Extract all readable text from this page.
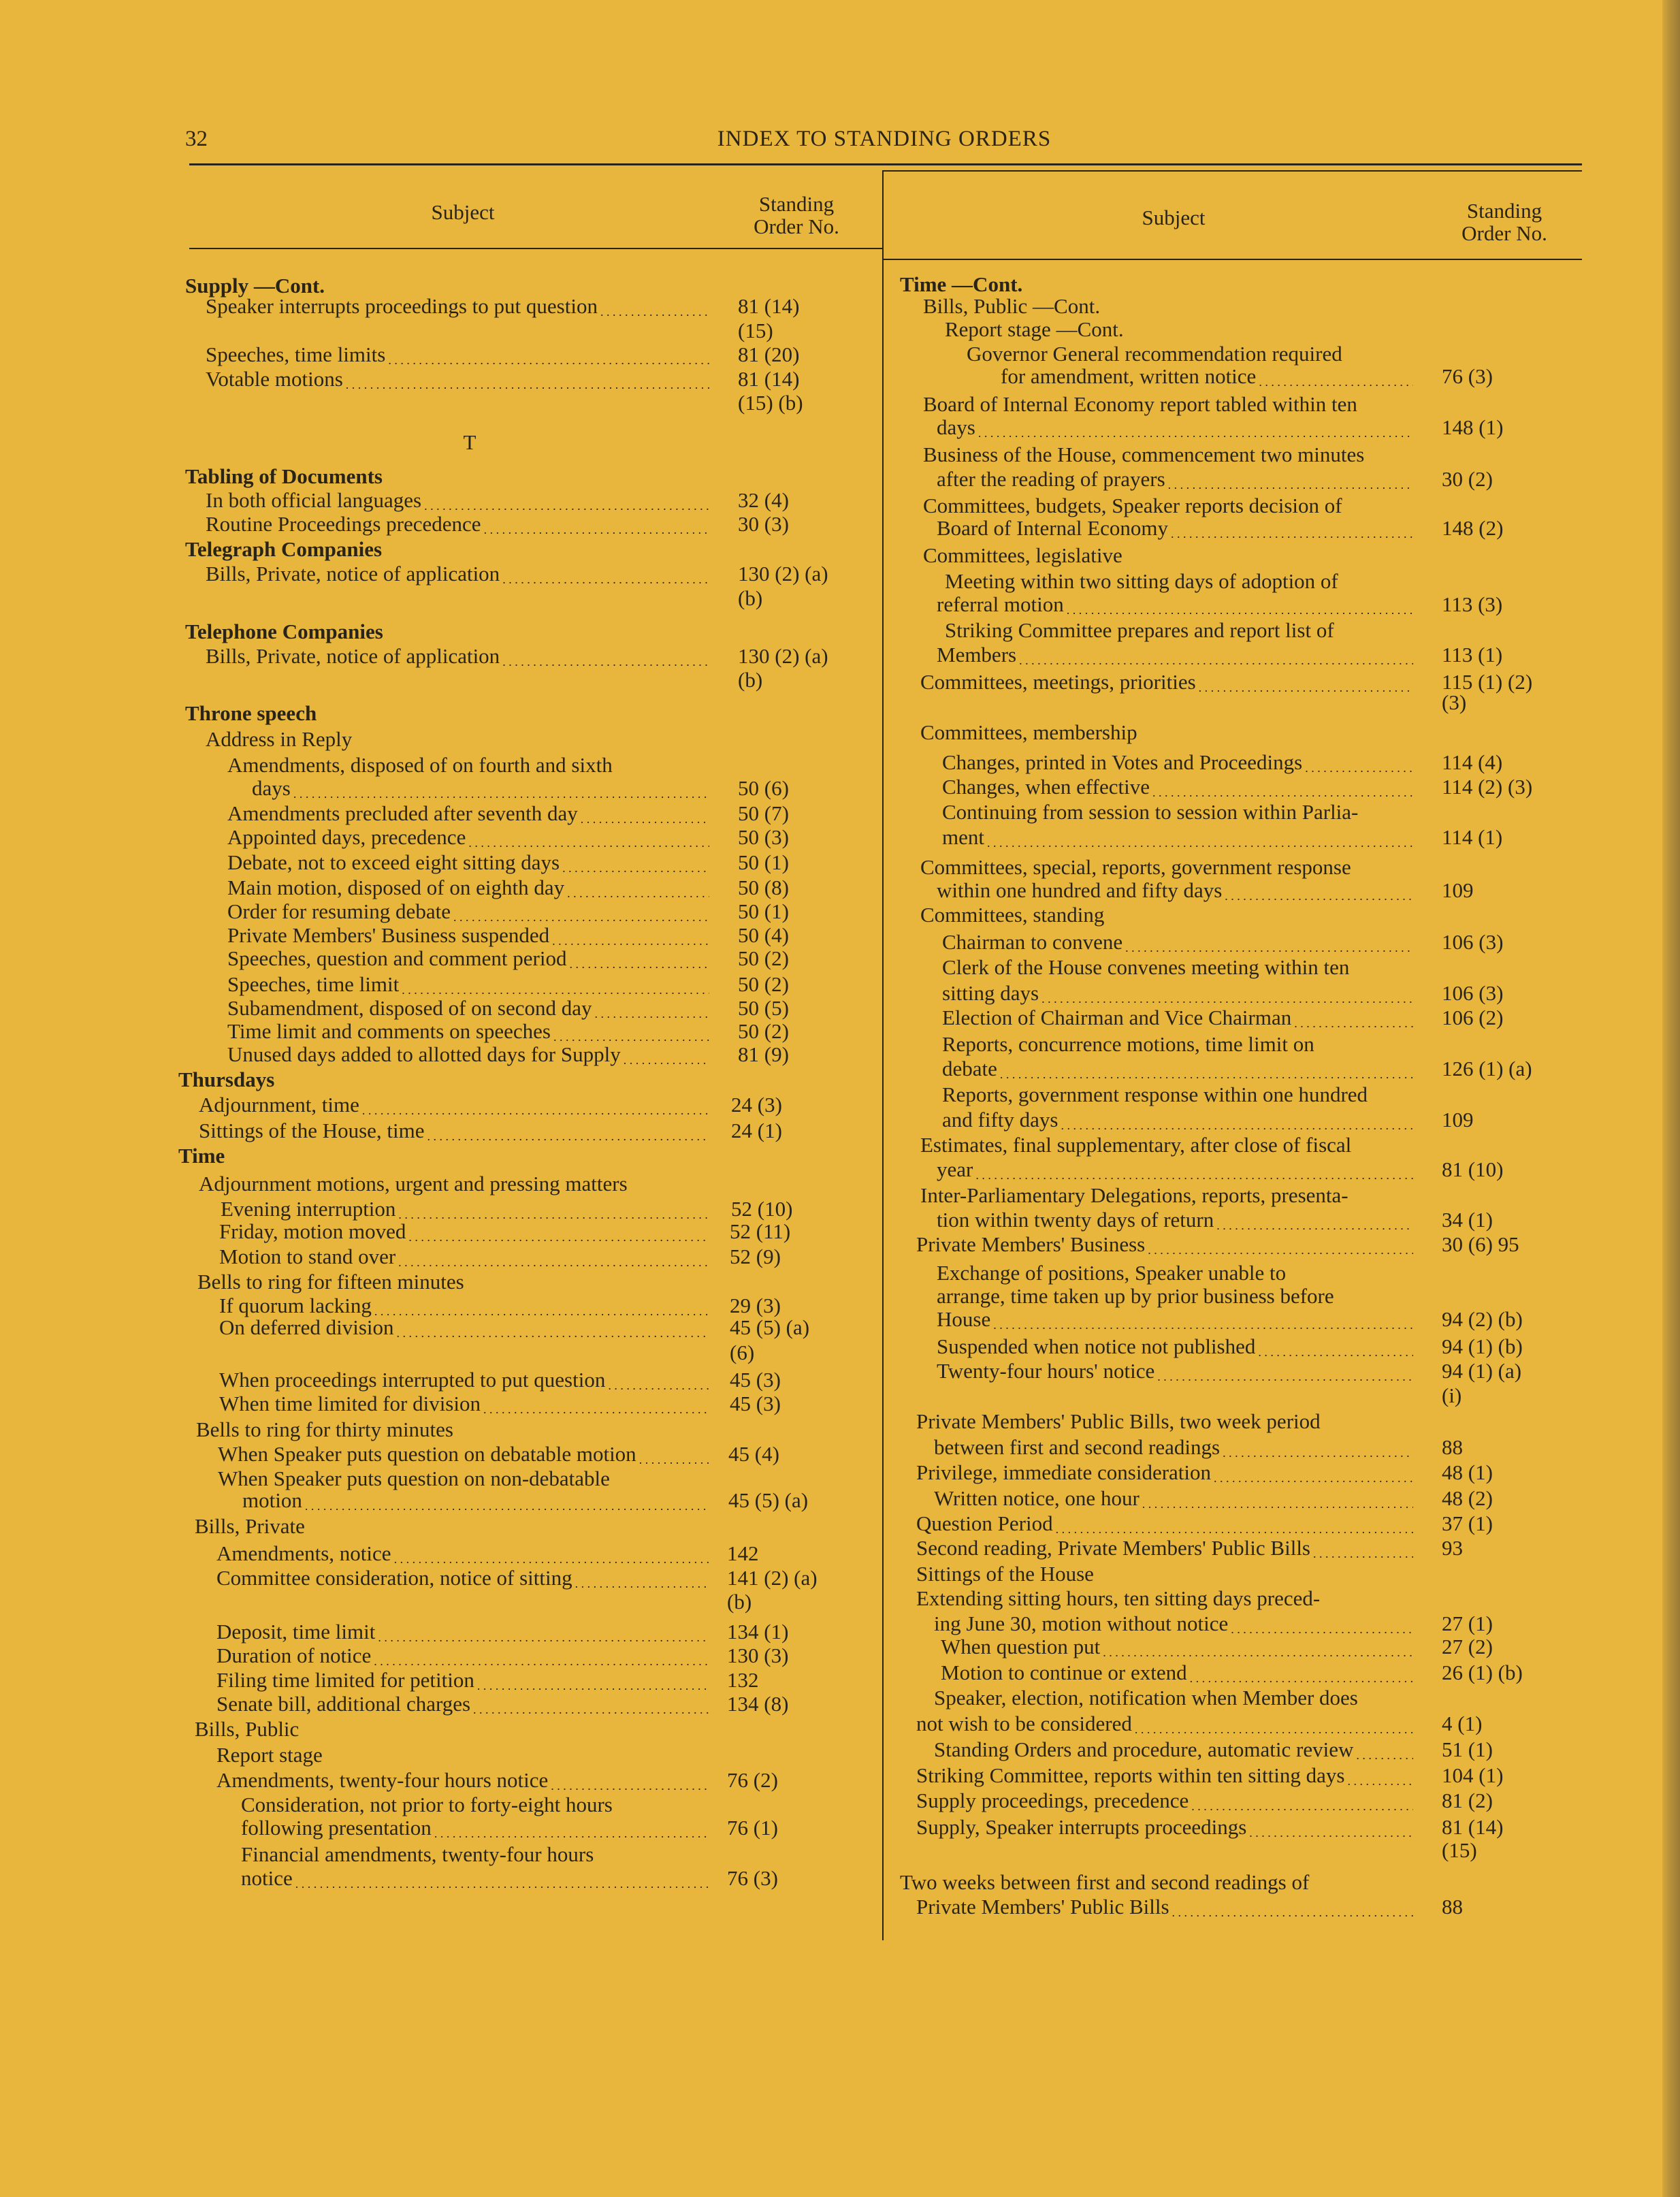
32	INDEX TO STANDING ORDERS
Subject	Standing
Order No.	Subject	Standing
Order No.
Supply —Cont.
Speaker interrupts proceedings to put question . . .	81 (14)
(15)
Speeches, time limits . . .	81 (20)
Votable motions . . .	81 (14)
(15) (b)
T
Tabling of Documents
In both official languages . . .	32 (4)
Routine Proceedings precedence . . .	30 (3)
Telegraph Companies
Bills, Private, notice of application . . .	130 (2) (a)
(b)
Telephone Companies
Bills, Private, notice of application . . .	130 (2) (a)
(b)
Throne speech
Address in Reply
Amendments, disposed of on fourth and sixth
days . . .	50 (6)
Amendments precluded after seventh day . . .	50 (7)
Appointed days, precedence . . .	50 (3)
Debate, not to exceed eight sitting days . . .	50 (1)
Main motion, disposed of on eighth day . . .	50 (8)
Order for resuming debate . . .	50 (1)
Private Members' Business suspended . . .	50 (4)
Speeches, question and comment period . . .	50 (2)
Speeches, time limit . . .	50 (2)
Subamendment, disposed of on second day . . .	50 (5)
Time limit and comments on speeches . . .	50 (2)
Unused days added to allotted days for Supply . . .	81 (9)
Thursdays
Adjournment, time . . .	24 (3)
Sittings of the House, time . . .	24 (1)
Time
Adjournment motions, urgent and pressing matters
Evening interruption . . .	52 (10)
Friday, motion moved . . .	52 (11)
Motion to stand over . . .	52 (9)
Bells to ring for fifteen minutes
If quorum lacking . . .	29 (3)
On deferred division . . .	45 (5) (a)
(6)
When proceedings interrupted to put question . . .	45 (3)
When time limited for division . . .	45 (3)
Bells to ring for thirty minutes
When Speaker puts question on debatable motion . . .	45 (4)
When Speaker puts question on non-debatable
motion . . .	45 (5) (a)
Bills, Private
Amendments, notice . . .	142
Committee consideration, notice of sitting . . .	141 (2) (a)
(b)
Deposit, time limit . . .	134 (1)
Duration of notice . . .	130 (3)
Filing time limited for petition . . .	132
Senate bill, additional charges . . .	134 (8)
Bills, Public
Report stage
Amendments, twenty-four hours notice . . .	76 (2)
Consideration, not prior to forty-eight hours
following presentation . . .	76 (1)
Financial amendments, twenty-four hours
notice . . .	76 (3)
Time —Cont.
Bills, Public —Cont.
Report stage —Cont.
Governor General recommendation required
for amendment, written notice . . .	76 (3)
Board of Internal Economy report tabled within ten
days . . .	148 (1)
Business of the House, commencement two minutes
after the reading of prayers . . .	30 (2)
Committees, budgets, Speaker reports decision of
Board of Internal Economy . . .	148 (2)
Committees, legislative
Meeting within two sitting days of adoption of
referral motion . . .	113 (3)
Striking Committee prepares and report list of
Members . . .	113 (1)
Committees, meetings, priorities . . .	115 (1) (2)
(3)
Committees, membership
Changes, printed in Votes and Proceedings . . .	114 (4)
Changes, when effective . . .	114 (2) (3)
Continuing from session to session within Parlia-
ment . . .	114 (1)
Committees, special, reports, government response
within one hundred and fifty days . . .	109
Committees, standing
Chairman to convene . . .	106 (3)
Clerk of the House convenes meeting within ten
sitting days . . .	106 (3)
Election of Chairman and Vice Chairman . . .	106 (2)
Reports, concurrence motions, time limit on
debate . . .	126 (1) (a)
Reports, government response within one hundred
and fifty days . . .	109
Estimates, final supplementary, after close of fiscal
year . . .	81 (10)
Inter-Parliamentary Delegations, reports, presenta-
tion within twenty days of return . . .	34 (1)
Private Members' Business . . .	30 (6) 95
Exchange of positions, Speaker unable to
arrange, time taken up by prior business before
House . . .	94 (2) (b)
Suspended when notice not published . . .	94 (1) (b)
Twenty-four hours' notice . . .	94 (1) (a)
(i)
Private Members' Public Bills, two week period
between first and second readings . . .	88
Privilege, immediate consideration . . .	48 (1)
Written notice, one hour . . .	48 (2)
Question Period . . .	37 (1)
Second reading, Private Members' Public Bills . . .	93
Sittings of the House
Extending sitting hours, ten sitting days preced-
ing June 30, motion without notice . . .	27 (1)
When question put . . .	27 (2)
Motion to continue or extend . . .	26 (1) (b)
Speaker, election, notification when Member does
not wish to be considered . . .	4 (1)
Standing Orders and procedure, automatic review . . .	51 (1)
Striking Committee, reports within ten sitting days . . .	104 (1)
Supply proceedings, precedence . . .	81 (2)
Supply, Speaker interrupts proceedings . . .	81 (14)
(15)
Two weeks between first and second readings of
Private Members' Public Bills . . .	88
